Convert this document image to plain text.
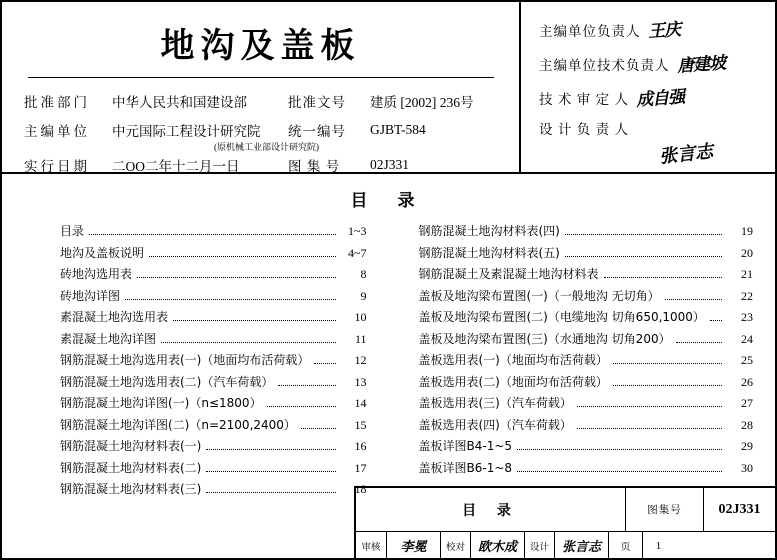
地沟及盖板
批准部门	中华人民共和国建设部	批准文号	建质 [2002] 236号
主编单位	中元国际工程设计研究院	统一编号	GJBT-584
(原机械工业部设计研究院)
实行日期	二OO二年十二月一日	图 集 号	02J331
主编单位负责人 王庆
主编单位技术负责人 唐建坡
技 术 审 定 人 成自强
设 计 负 责 人
张言志
目 录
目录	1~3
地沟及盖板说明	4~7
砖地沟选用表	8
砖地沟详图	9
素混凝土地沟选用表	10
素混凝土地沟详图	11
钢筋混凝土地沟选用表(一)（地面均布活荷载）	12
钢筋混凝土地沟选用表(二)（汽车荷载）	13
钢筋混凝土地沟详图(一)（n≤1800）	14
钢筋混凝土地沟详图(二)（n=2100,2400）	15
钢筋混凝土地沟材料表(一)	16
钢筋混凝土地沟材料表(二)	17
钢筋混凝土地沟材料表(三)	18
钢筋混凝土地沟材料表(四)	19
钢筋混凝土地沟材料表(五)	20
钢筋混凝土及素混凝土地沟材料表	21
盖板及地沟梁布置图(一)（一般地沟 无切角）	22
盖板及地沟梁布置图(二)（电缆地沟 切角650,1000）	23
盖板及地沟梁布置图(三)（水通地沟 切角200）	24
盖板选用表(一)（地面均布活荷载）	25
盖板选用表(二)（地面均布活荷载）	26
盖板选用表(三)（汽车荷载）	27
盖板选用表(四)（汽车荷载）	28
盖板详图B4-1~5	29
盖板详图B6-1~8	30
目 录	图集号	02J331
审核	李冕	校对 欧木成	设计 张言志	页	1
